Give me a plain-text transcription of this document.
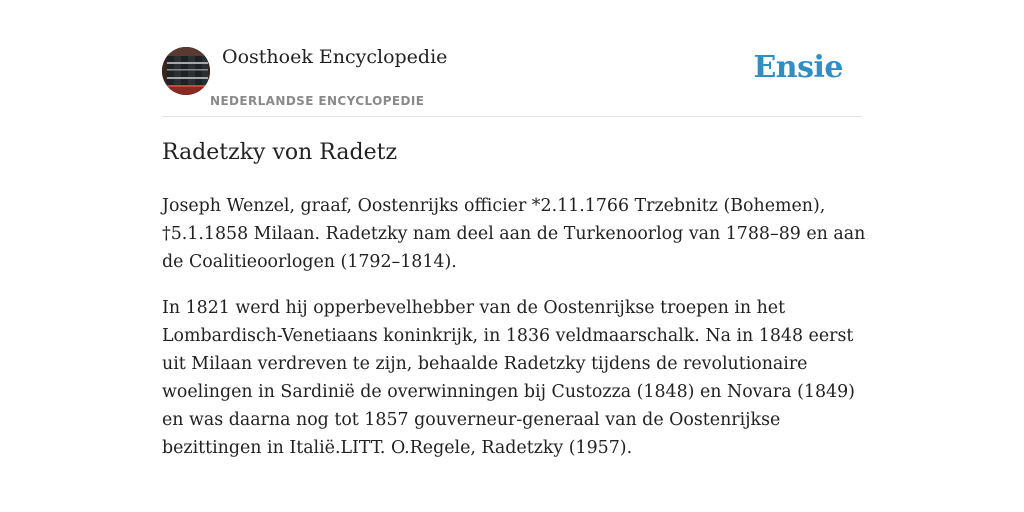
Oosthoek Encyclopedie
NEDERLANDSE ENCYCLOPEDIE
Ensie
Radetzky von Radetz

Joseph Wenzel, graaf, Oostenrijks officier *2.11.1766 Trzebnitz (Bohemen), †5.1.1858 Milaan. Radetzky nam deel aan de Turkenoorlog van 1788–89 en aan de Coalitieoorlogen (1792–1814).

In 1821 werd hij opperbevelhebber van de Oostenrijkse troepen in het Lombardisch-Venetiaans koninkrijk, in 1836 veldmaarschalk. Na in 1848 eerst uit Milaan verdreven te zijn, behaalde Radetzky tijdens de revolutionaire woelingen in Sardinië de overwinningen bij Custozza (1848) en Novara (1849) en was daarna nog tot 1857 gouverneur-generaal van de Oostenrijkse bezittingen in Italië.LITT. O.Regele, Radetzky (1957).
